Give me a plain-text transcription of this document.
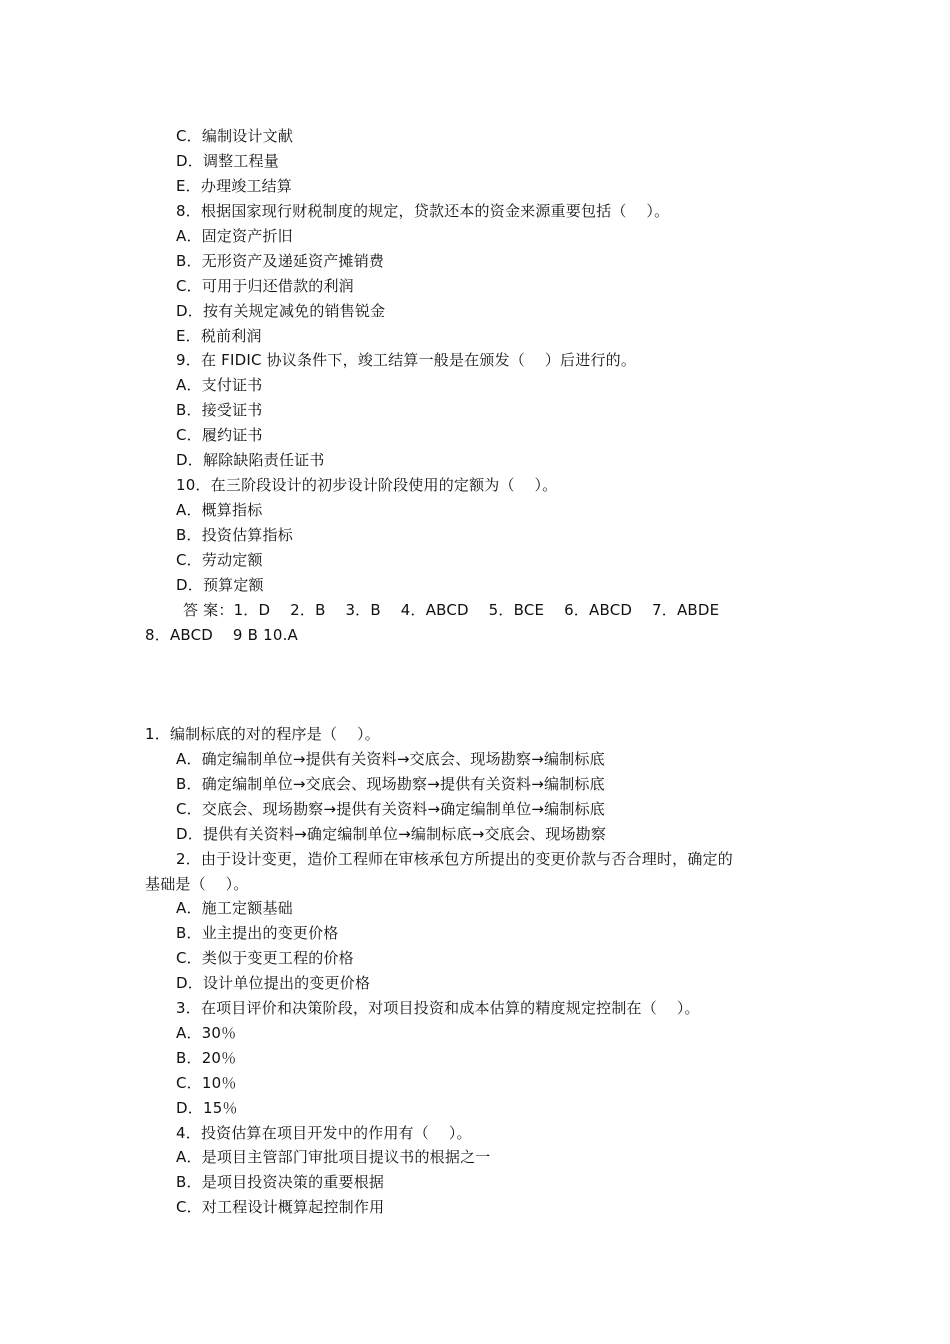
C．编制设计文献
D．调整工程量
E．办理竣工结算
8．根据国家现行财税制度的规定，贷款还本的资金来源重要包括（    ）。
A．固定资产折旧
B．无形资产及递延资产摊销费
C．可用于归还借款的利润
D．按有关规定减免的销售锐金
E．税前利润
9．在 FIDIC 协议条件下，竣工结算一般是在颁发（    ）后进行的。
A．支付证书
B．接受证书
C．履约证书
D．解除缺陷责任证书
10．在三阶段设计的初步设计阶段使用的定额为（    ）。
A．概算指标
B．投资估算指标
C．劳动定额
D．预算定额
答 案：1．D    2．B    3．B    4．ABCD    5．BCE    6．ABCD    7．ABDE
8．ABCD    9 B 10.A
1．编制标底的对的程序是（    ）。
A．确定编制单位→提供有关资料→交底会、现场勘察→编制标底
B．确定编制单位→交底会、现场勘察→提供有关资料→编制标底
C．交底会、现场勘察→提供有关资料→确定编制单位→编制标底
D．提供有关资料→确定编制单位→编制标底→交底会、现场勘察
2．由于设计变更，造价工程师在审核承包方所提出的变更价款与否合理时，确定的
基础是（    ）。
A．施工定额基础
B．业主提出的变更价格
C．类似于变更工程的价格
D．设计单位提出的变更价格
3．在项目评价和决策阶段，对项目投资和成本估算的精度规定控制在（    ）。
A．30％
B．20％
C．10％
D．15％
4．投资估算在项目开发中的作用有（    ）。
A．是项目主管部门审批项目提议书的根据之一
B．是项目投资决策的重要根据
C．对工程设计概算起控制作用
